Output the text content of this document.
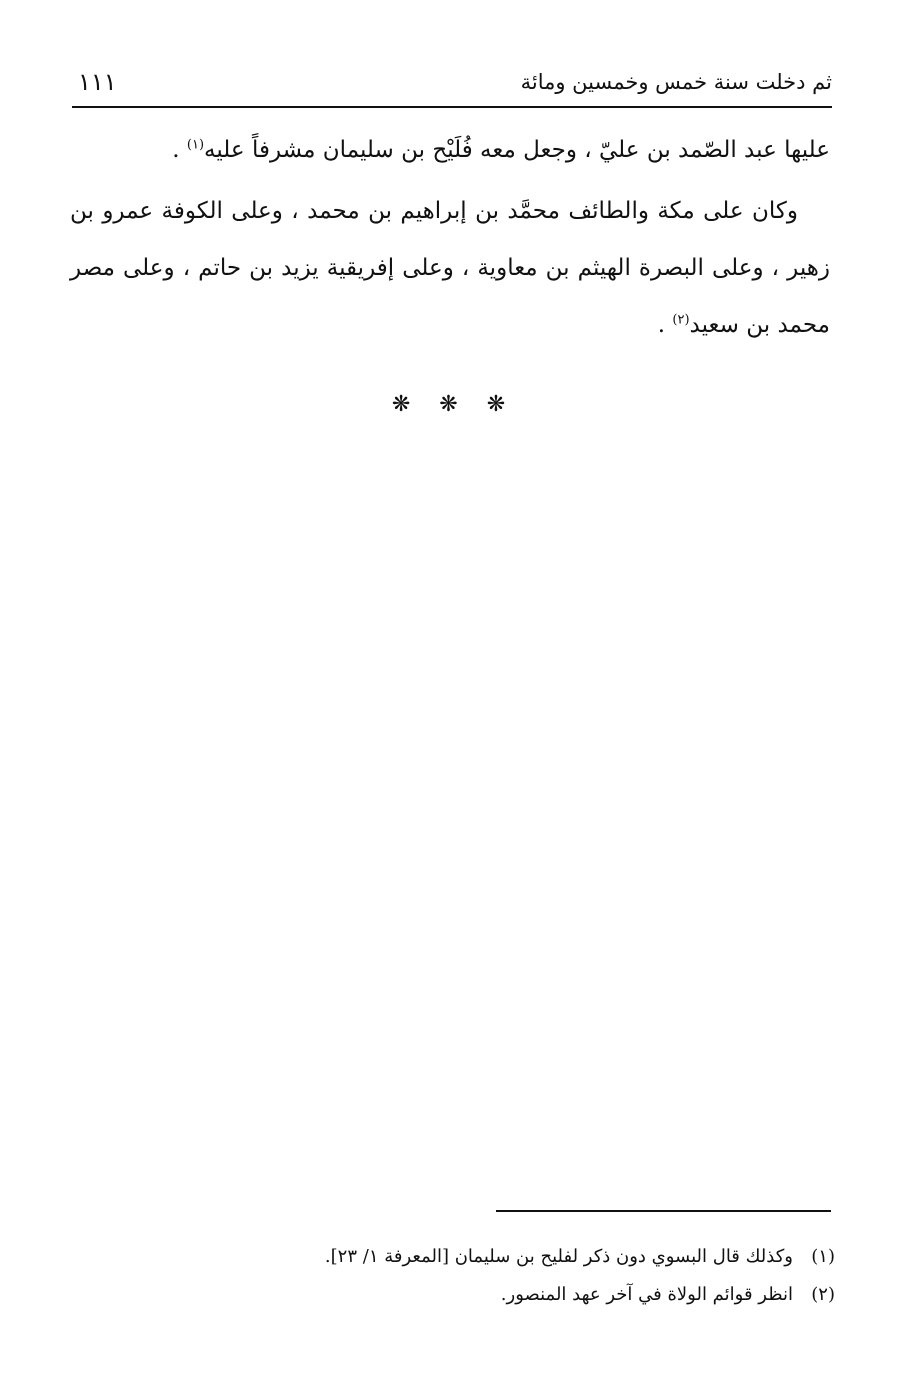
ثم دخلت سنة خمس وخمسين ومائة
١١١

عليها عبد الصّمد بن عليّ ، وجعل معه فُلَيْح بن سليمان مشرفاً عليه$^{(١)}$ .

وكان على مكة والطائف محمَّد بن إبراهيم بن محمد ، وعلى الكوفة عمرو بن زهير ، وعلى البصرة الهيثم بن معاوية ، وعلى إفريقية يزيد بن حاتم ، وعلى مصر محمد بن سعيد$^{(٢)}$ .

❋ ❋ ❋
(١)
وكذلك قال البسوي دون ذكر لفليح بن سليمان [المعرفة ١/ ٢٣].
(٢)
انظر قوائم الولاة في آخر عهد المنصور.
